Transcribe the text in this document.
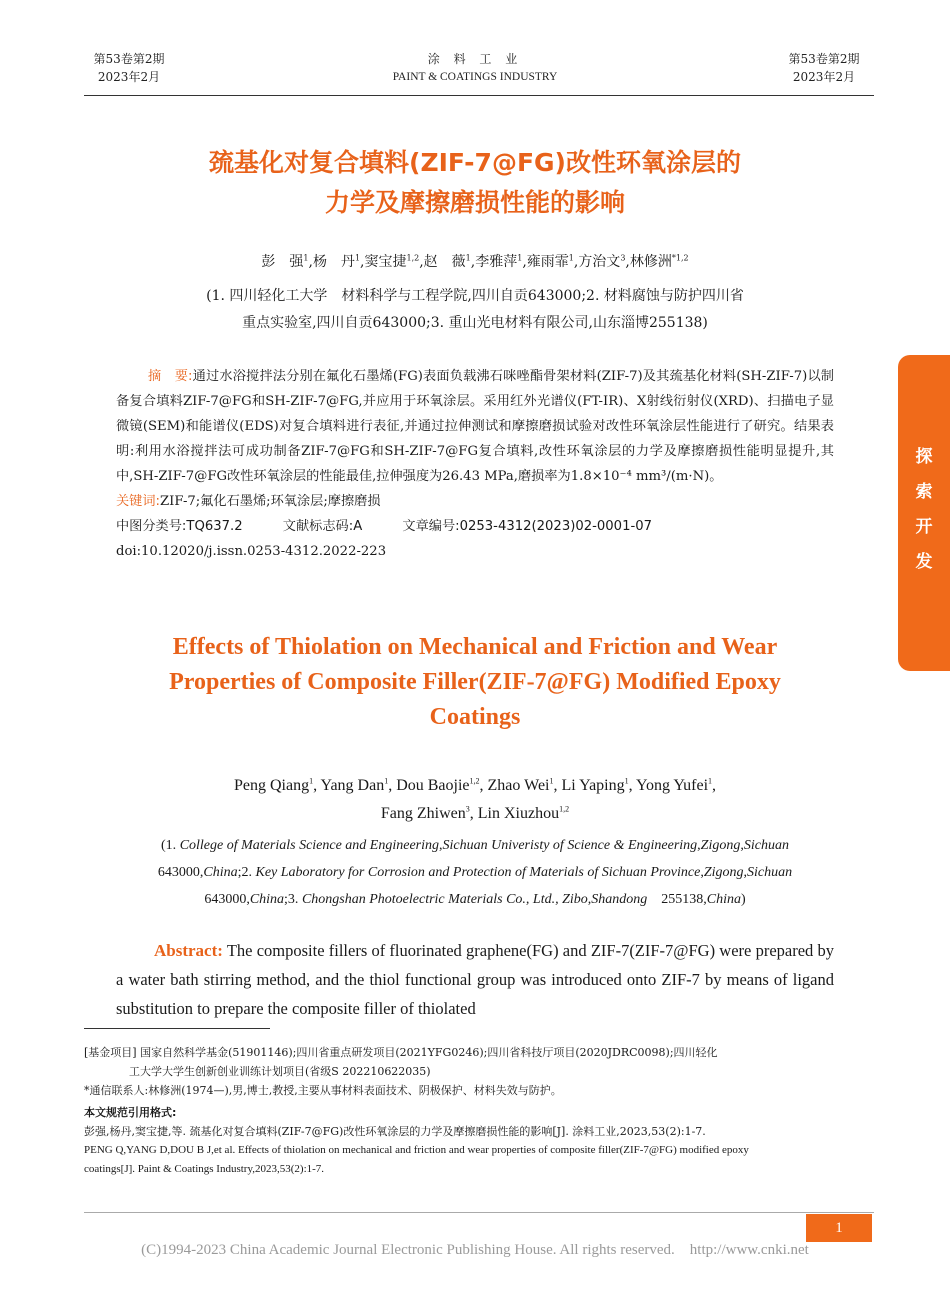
第53卷第2期
2023年2月
涂 料 工 业
PAINT & COATINGS INDUSTRY
第53卷第2期
2023年2月
巯基化对复合填料(ZIF-7@FG)改性环氧涂层的
力学及摩擦磨损性能的影响
彭　强$^1$,杨　丹$^1$,窦宝捷$^{1,2}$,赵　薇$^1$,李雅萍$^1$,雍雨霏$^1$,方治文$^3$,林修洲$^{*1,2}$
(1. 四川轻化工大学　材料科学与工程学院,四川自贡643000;2. 材料腐蚀与防护四川省
重点实验室,四川自贡643000;3. 重山光电材料有限公司,山东淄博255138)
摘　要:通过水浴搅拌法分别在氟化石墨烯(FG)表面负载沸石咪唑酯骨架材料(ZIF-7)及其巯基化材料(SH-ZIF-7)以制备复合填料ZIF-7@FG和SH-ZIF-7@FG,并应用于环氧涂层。采用红外光谱仪(FT-IR)、X射线衍射仪(XRD)、扫描电子显微镜(SEM)和能谱仪(EDS)对复合填料进行表征,并通过拉伸测试和摩擦磨损试验对改性环氧涂层性能进行了研究。结果表明:利用水浴搅拌法可成功制备ZIF-7@FG和SH-ZIF-7@FG复合填料,改性环氧涂层的力学及摩擦磨损性能明显提升,其中,SH-ZIF-7@FG改性环氧涂层的性能最佳,拉伸强度为26.43 MPa,磨损率为1.8×10⁻⁴ mm³/(m·N)。
关键词:ZIF-7;氟化石墨烯;环氧涂层;摩擦磨损
中图分类号:TQ637.2	文献标志码:A	文章编号:0253-4312(2023)02-0001-07
doi:10.12020/j.issn.0253-4312.2022-223
Effects of Thiolation on Mechanical and Friction and Wear
Properties of Composite Filler(ZIF-7@FG) Modified Epoxy
Coatings
Peng Qiang$^1$, Yang Dan$^1$, Dou Baojie$^{1,2}$, Zhao Wei$^1$, Li Yaping$^1$, Yong Yufei$^1$,
Fang Zhiwen$^3$, Lin Xiuzhou$^{1,2}$
(1. College of Materials Science and Engineering,Sichuan Univeristy of Science & Engineering,Zigong,Sichuan
643000,China;2. Key Laboratory for Corrosion and Protection of Materials of Sichuan Province,Zigong,Sichuan
643000,China;3. Chongshan Photoelectric Materials Co., Ltd., Zibo,Shandong　255138,China)
Abstract: The composite fillers of fluorinated graphene(FG) and ZIF-7(ZIF-7@FG) were prepared by a water bath stirring method, and the thiol functional group was introduced onto ZIF-7 by means of ligand substitution to prepare the composite filler of thiolated
[基金项目] 国家自然科学基金(51901146);四川省重点研发项目(2021YFG0246);四川省科技厅项目(2020JDRC0098);四川轻化
工大学大学生创新创业训练计划项目(省级S 202210622035)
*通信联系人:林修洲(1974—),男,博士,教授,主要从事材料表面技术、阴极保护、材料失效与防护。
本文规范引用格式:
彭强,杨丹,窦宝捷,等. 巯基化对复合填料(ZIF-7@FG)改性环氧涂层的力学及摩擦磨损性能的影响[J]. 涂料工业,2023,53(2):1-7.
PENG Q,YANG D,DOU B J,et al. Effects of thiolation on mechanical and friction and wear properties of composite filler(ZIF-7@FG) modified epoxy
coatings[J]. Paint & Coatings Industry,2023,53(2):1-7.
探
索
开
发
1
(C)1994-2023 China Academic Journal Electronic Publishing House. All rights reserved.　http://www.cnki.net
